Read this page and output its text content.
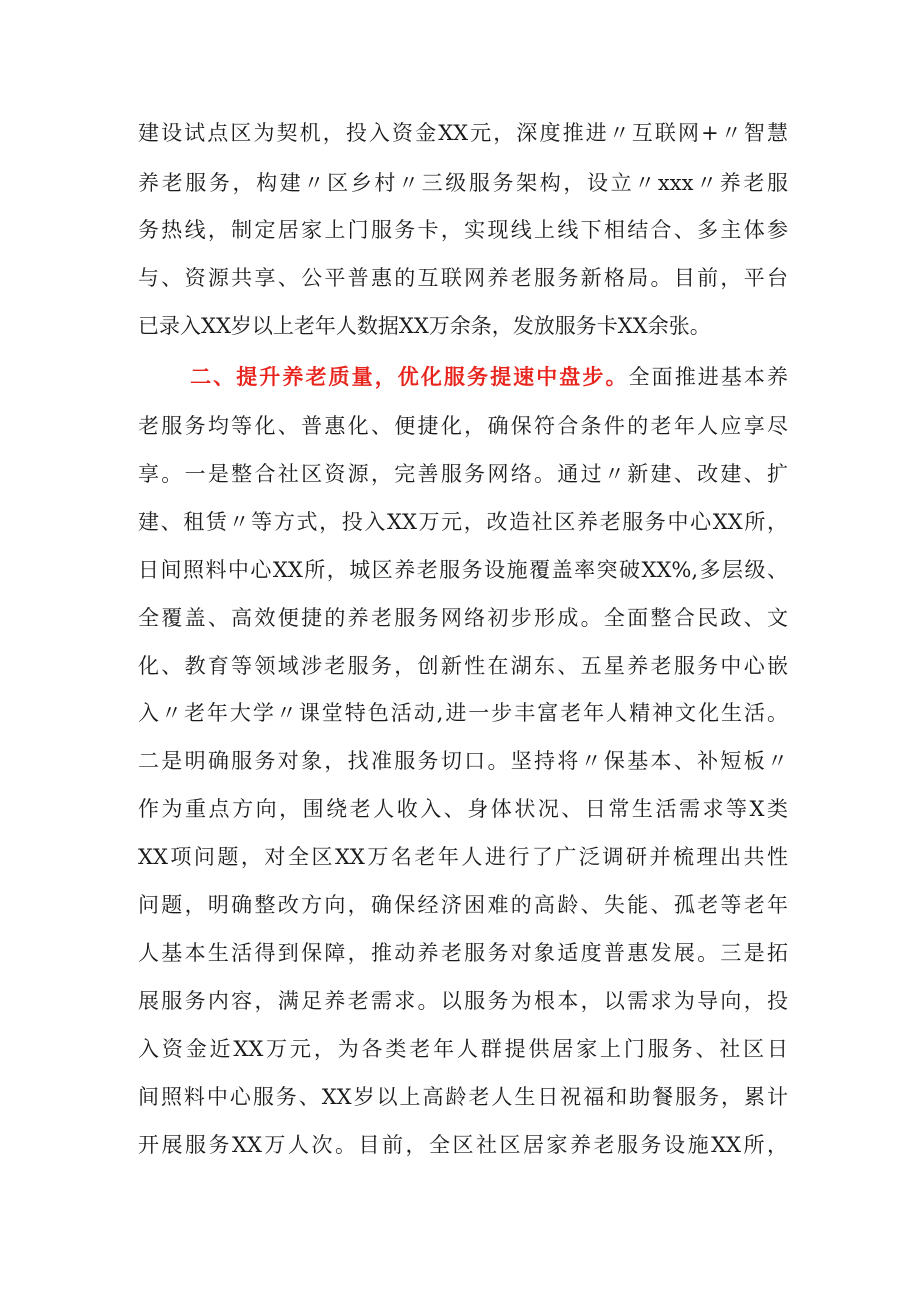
建设试点区为契机，投入资金XX元，深度推进〃互联网+〃智慧
养老服务，构建〃区乡村〃三级服务架构，设立〃xxx〃养老服
务热线，制定居家上门服务卡，实现线上线下相结合、多主体参
与、资源共享、公平普惠的互联网养老服务新格局。目前，平台
已录入XX岁以上老年人数据XX万余条，发放服务卡XX余张。
二、提升养老质量，优化服务提速中盘步。全面推进基本养
老服务均等化、普惠化、便捷化，确保符合条件的老年人应享尽
享。一是整合社区资源，完善服务网络。通过〃新建、改建、扩
建、租赁〃等方式，投入XX万元，改造社区养老服务中心XX所，
日间照料中心XX所，城区养老服务设施覆盖率突破XX%,多层级、
全覆盖、高效便捷的养老服务网络初步形成。全面整合民政、文
化、教育等领域涉老服务，创新性在湖东、五星养老服务中心嵌
入〃老年大学〃课堂特色活动,进一步丰富老年人精神文化生活。
二是明确服务对象，找准服务切口。坚持将〃保基本、补短板〃
作为重点方向，围绕老人收入、身体状况、日常生活需求等X类
XX项问题，对全区XX万名老年人进行了广泛调研并梳理出共性
问题，明确整改方向，确保经济困难的高龄、失能、孤老等老年
人基本生活得到保障，推动养老服务对象适度普惠发展。三是拓
展服务内容，满足养老需求。以服务为根本，以需求为导向，投
入资金近XX万元，为各类老年人群提供居家上门服务、社区日
间照料中心服务、XX岁以上高龄老人生日祝福和助餐服务，累计
开展服务XX万人次。目前，全区社区居家养老服务设施XX所，
